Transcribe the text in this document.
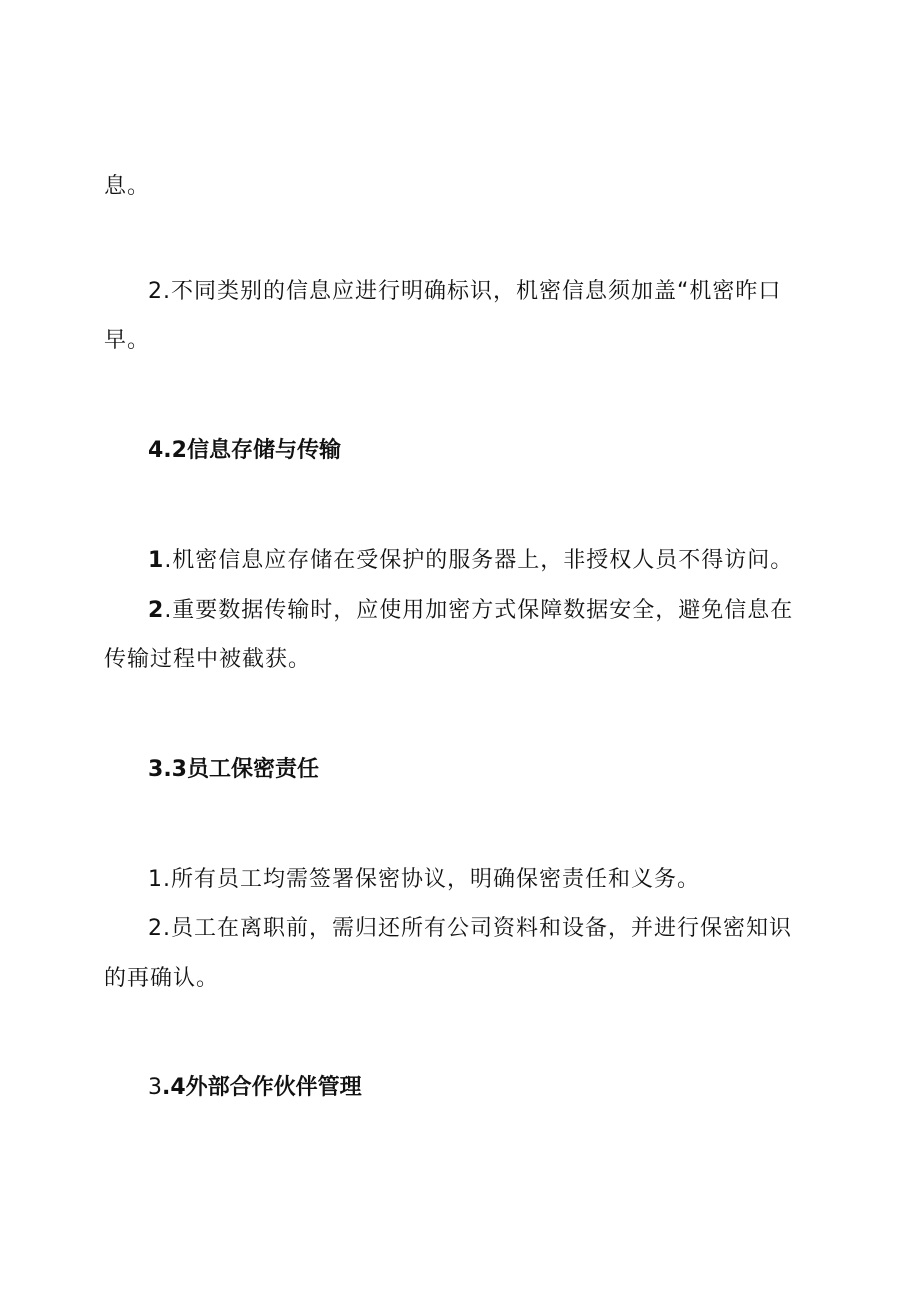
息。
2.不同类别的信息应进行明确标识，机密信息须加盖“机密昨口
早。
4.2信息存储与传输
1.机密信息应存储在受保护的服务器上，非授权人员不得访问。
2.重要数据传输时，应使用加密方式保障数据安全，避免信息在
传输过程中被截获。
3.3员工保密责任
1.所有员工均需签署保密协议，明确保密责任和义务。
2.员工在离职前，需归还所有公司资料和设备，并进行保密知识
的再确认。
3.4外部合作伙伴管理
